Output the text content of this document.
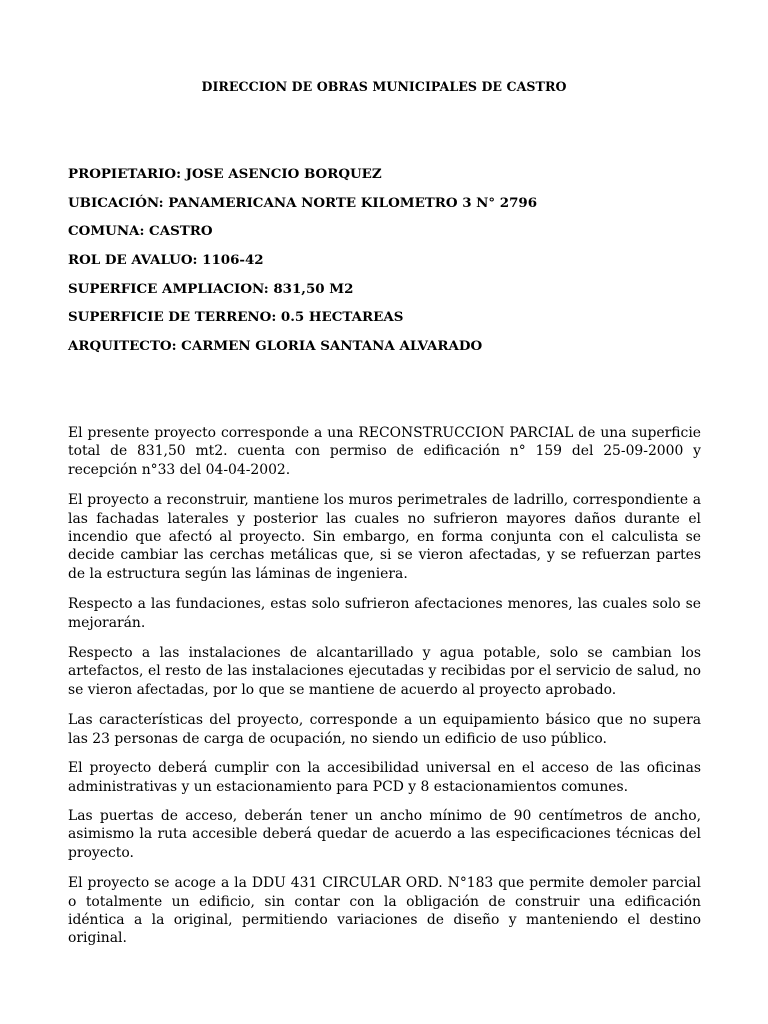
DIRECCION DE OBRAS MUNICIPALES DE CASTRO
PROPIETARIO: JOSE ASENCIO BORQUEZ
UBICACIÓN: PANAMERICANA NORTE KILOMETRO 3 N° 2796
COMUNA: CASTRO
ROL DE AVALUO: 1106-42
SUPERFICE AMPLIACION: 831,50 M2
SUPERFICIE DE TERRENO: 0.5 HECTAREAS
ARQUITECTO: CARMEN GLORIA SANTANA ALVARADO

El presente proyecto corresponde a una RECONSTRUCCION PARCIAL de una superficie total de 831,50 mt2. cuenta con permiso de edificación n° 159 del 25-09-2000 y recepción n°33 del 04-04-2002.

El proyecto a reconstruir, mantiene los muros perimetrales de ladrillo, correspondiente a las fachadas laterales y posterior las cuales no sufrieron mayores daños durante el incendio que afectó al proyecto. Sin embargo, en forma conjunta con el calculista se decide cambiar las cerchas metálicas que, si se vieron afectadas, y se refuerzan partes de la estructura según las láminas de ingeniera.

Respecto a las fundaciones, estas solo sufrieron afectaciones menores, las cuales solo se mejorarán.

Respecto a las instalaciones de alcantarillado y agua potable, solo se cambian los artefactos, el resto de las instalaciones ejecutadas y recibidas por el servicio de salud, no se vieron afectadas, por lo que se mantiene de acuerdo al proyecto aprobado.

Las características del proyecto, corresponde a un equipamiento básico que no supera las 23 personas de carga de ocupación, no siendo un edificio de uso público.

El proyecto deberá cumplir con la accesibilidad universal en el acceso de las oficinas administrativas y un estacionamiento para PCD y 8 estacionamientos comunes.

Las puertas de acceso, deberán tener un ancho mínimo de 90 centímetros de ancho, asimismo la ruta accesible deberá quedar de acuerdo a las especificaciones técnicas del proyecto.

El proyecto se acoge a la DDU 431 CIRCULAR ORD. N°183 que permite demoler parcial o totalmente un edificio, sin contar con la obligación de construir una edificación idéntica a la original, permitiendo variaciones de diseño y manteniendo el destino original.
